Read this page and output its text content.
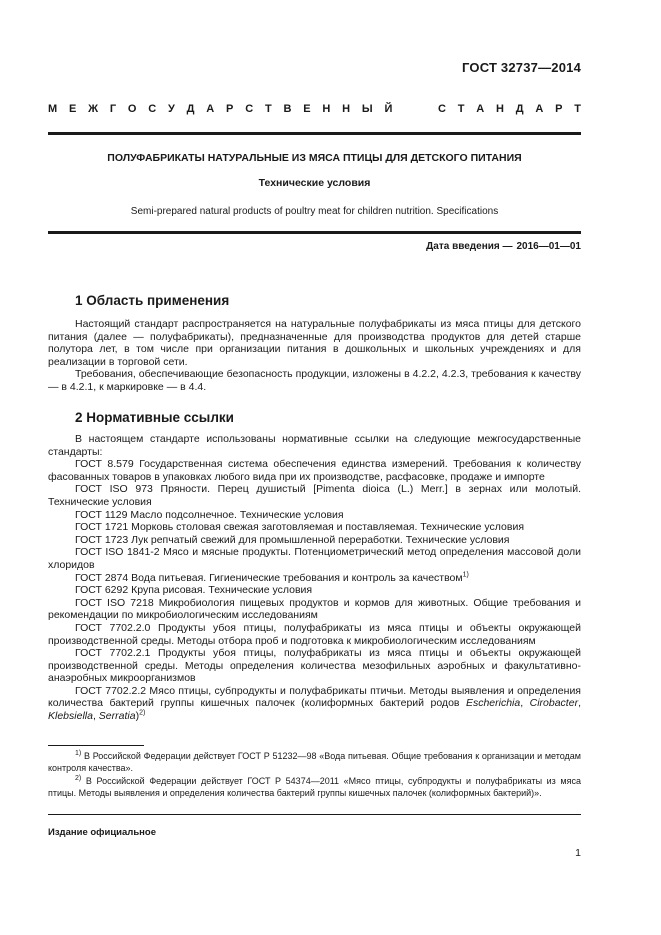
ГОСТ 32737—2014
М Е Ж Г О С У Д А Р С Т В Е Н Н Ы Й	С Т А Н Д А Р Т
ПОЛУФАБРИКАТЫ НАТУРАЛЬНЫЕ ИЗ МЯСА ПТИЦЫ ДЛЯ ДЕТСКОГО ПИТАНИЯ
Технические условия
Semi-prepared natural products of poultry meat for children nutrition. Specifications
Дата введения — 2016—01—01
1 Область применения

Настоящий стандарт распространяется на натуральные полуфабрикаты из мяса птицы для детского питания (далее — полуфабрикаты), предназначенные для производства продуктов для детей старше полутора лет, в том числе при организации питания в дошкольных и школьных учреждениях и для реализации в торговой сети.

Требования, обеспечивающие безопасность продукции, изложены в 4.2.2, 4.2.3, требования к качеству — в 4.2.1, к маркировке — в 4.4.

2 Нормативные ссылки

В настоящем стандарте использованы нормативные ссылки на следующие межгосударственные стандарты:

ГОСТ 8.579 Государственная система обеспечения единства измерений. Требования к количеству фасованных товаров в упаковках любого вида при их производстве, расфасовке, продаже и импорте

ГОСТ ISO 973 Пряности. Перец душистый [Pimenta dioica (L.) Merr.] в зернах или молотый. Технические условия

ГОСТ 1129 Масло подсолнечное. Технические условия

ГОСТ 1721 Морковь столовая свежая заготовляемая и поставляемая. Технические условия

ГОСТ 1723 Лук репчатый свежий для промышленной переработки. Технические условия

ГОСТ ISO 1841-2 Мясо и мясные продукты. Потенциометрический метод определения массовой доли хлоридов

ГОСТ 2874 Вода питьевая. Гигиенические требования и контроль за качеством$^{1)}$

ГОСТ 6292 Крупа рисовая. Технические условия

ГОСТ ISO 7218 Микробиология пищевых продуктов и кормов для животных. Общие требования и рекомендации по микробиологическим исследованиям

ГОСТ 7702.2.0 Продукты убоя птицы, полуфабрикаты из мяса птицы и объекты окружающей производственной среды. Методы отбора проб и подготовка к микробиологическим исследованиям

ГОСТ 7702.2.1 Продукты убоя птицы, полуфабрикаты из мяса птицы и объекты окружающей производственной среды. Методы определения количества мезофильных аэробных и факультативно-анаэробных микроорганизмов

ГОСТ 7702.2.2 Мясо птицы, субпродукты и полуфабрикаты птичьи. Методы выявления и определения количества бактерий группы кишечных палочек (колиформных бактерий родов Escherichia, Cirobacter, Klebsiella, Serratia)$^{2)}$

$^{1)}$ В Российской Федерации действует ГОСТ Р 51232—98 «Вода питьевая. Общие требования к организации и методам контроля качества».

$^{2)}$ В Российской Федерации действует ГОСТ Р 54374—2011 «Мясо птицы, субпродукты и полуфабрикаты из мяса птицы. Методы выявления и определения количества бактерий группы кишечных палочек (колиформных бактерий)».

Издание официальное
1
